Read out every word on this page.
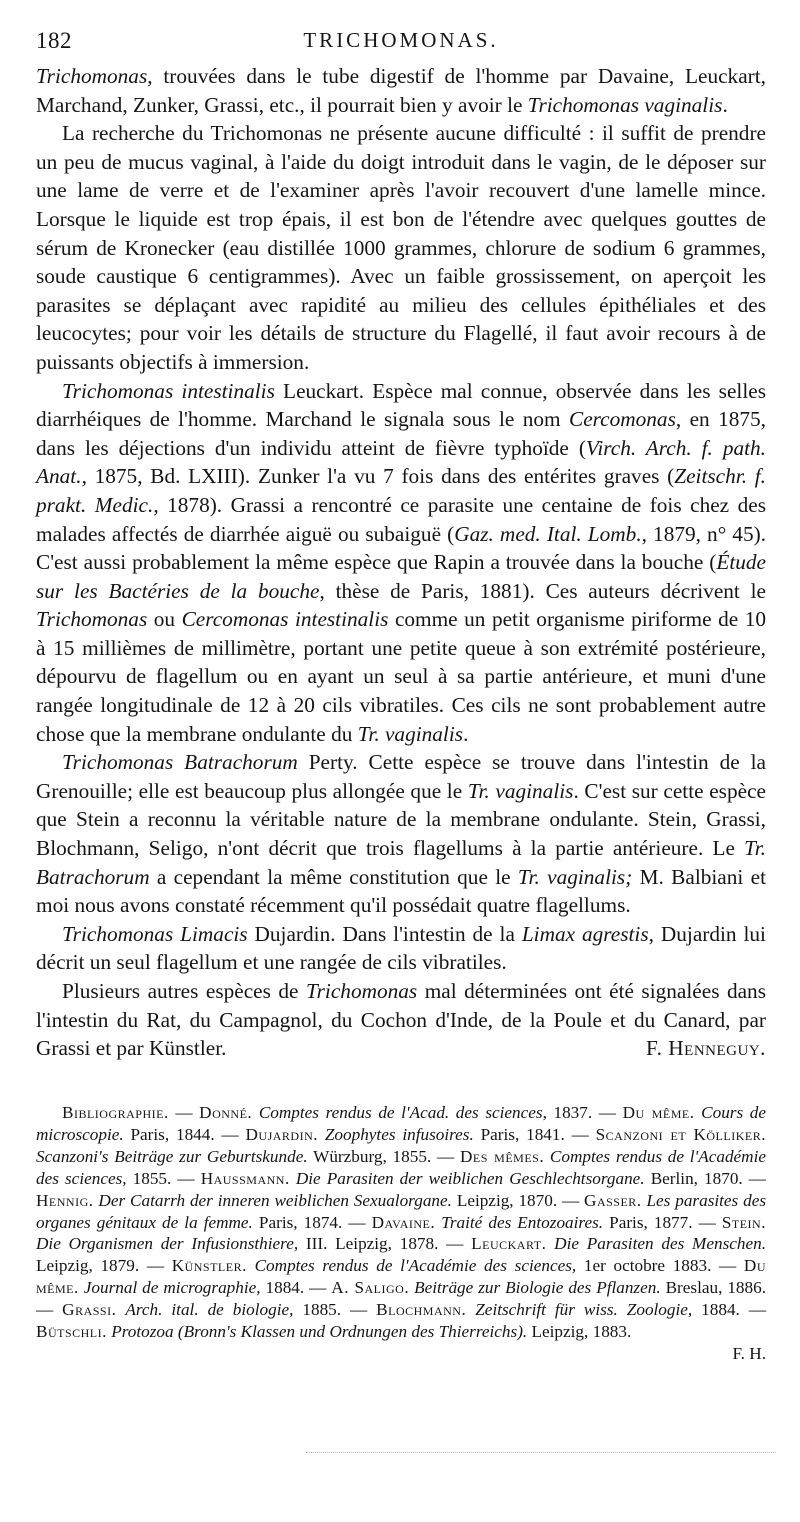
TRICHOMONAS.
182

Trichomonas, trouvées dans le tube digestif de l'homme par Davaine, Leuckart, Marchand, Zunker, Grassi, etc., il pourrait bien y avoir le Trichomonas vaginalis.

La recherche du Trichomonas ne présente aucune difficulté : il suffit de prendre un peu de mucus vaginal, à l'aide du doigt introduit dans le vagin, de le déposer sur une lame de verre et de l'examiner après l'avoir recouvert d'une lamelle mince. Lorsque le liquide est trop épais, il est bon de l'étendre avec quelques gouttes de sérum de Kronecker (eau distillée 1000 grammes, chlorure de sodium 6 grammes, soude caustique 6 centigrammes). Avec un faible grossissement, on aperçoit les parasites se déplaçant avec rapidité au milieu des cellules épithéliales et des leucocytes; pour voir les détails de structure du Flagellé, il faut avoir recours à de puissants objectifs à immersion.

Trichomonas intestinalis Leuckart. Espèce mal connue, observée dans les selles diarrhéiques de l'homme. Marchand le signala sous le nom Cercomonas, en 1875, dans les déjections d'un individu atteint de fièvre typhoïde (Virch. Arch. f. path. Anat., 1875, Bd. LXIII). Zunker l'a vu 7 fois dans des entérites graves (Zeitschr. f. prakt. Medic., 1878). Grassi a rencontré ce parasite une centaine de fois chez des malades affectés de diarrhée aiguë ou subaiguë (Gaz. med. Ital. Lomb., 1879, n° 45). C'est aussi probablement la même espèce que Rapin a trouvée dans la bouche (Étude sur les Bactéries de la bouche, thèse de Paris, 1881). Ces auteurs décrivent le Trichomonas ou Cercomonas intestinalis comme un petit organisme piriforme de 10 à 15 millièmes de millimètre, portant une petite queue à son extrémité postérieure, dépourvu de flagellum ou en ayant un seul à sa partie antérieure, et muni d'une rangée longitudinale de 12 à 20 cils vibratiles. Ces cils ne sont probablement autre chose que la membrane ondulante du Tr. vaginalis.

Trichomonas Batrachorum Perty. Cette espèce se trouve dans l'intestin de la Grenouille; elle est beaucoup plus allongée que le Tr. vaginalis. C'est sur cette espèce que Stein a reconnu la véritable nature de la membrane ondulante. Stein, Grassi, Blochmann, Seligo, n'ont décrit que trois flagellums à la partie antérieure. Le Tr. Batrachorum a cependant la même constitution que le Tr. vaginalis; M. Balbiani et moi nous avons constaté récemment qu'il possédait quatre flagellums.

Trichomonas Limacis Dujardin. Dans l'intestin de la Limax agrestis, Dujardin lui décrit un seul flagellum et une rangée de cils vibratiles.

Plusieurs autres espèces de Trichomonas mal déterminées ont été signalées dans l'intestin du Rat, du Campagnol, du Cochon d'Inde, de la Poule et du Canard, par Grassi et par Künstler.	F. Henneguy.

Bibliographie. — Donné. Comptes rendus de l'Acad. des sciences, 1837. — Du même. Cours de microscopie. Paris, 1844. — Dujardin. Zoophytes infusoires. Paris, 1841. — Scanzoni et Kölliker. Scanzoni's Beiträge zur Geburtskunde. Würzburg, 1855. — Des mêmes. Comptes rendus de l'Académie des sciences, 1855. — Haussmann. Die Parasiten der weiblichen Geschlechtsorgane. Berlin, 1870. — Hennig. Der Catarrh der inneren weiblichen Sexualorgane. Leipzig, 1870. — Gasser. Les parasites des organes génitaux de la femme. Paris, 1874. — Davaine. Traité des Entozoaires. Paris, 1877. — Stein. Die Organismen der Infusionsthiere, III. Leipzig, 1878. — Leuckart. Die Parasiten des Menschen. Leipzig, 1879. — Künstler. Comptes rendus de l'Académie des sciences, 1er octobre 1883. — Du même. Journal de micrographie, 1884. — A. Saligo. Beiträge zur Biologie des Pflanzen. Breslau, 1886. — Grassi. Arch. ital. de biologie, 1885. — Blochmann. Zeitschrift für wiss. Zoologie, 1884. — Bütschli. Protozoa (Bronn's Klassen und Ordnungen des Thierreichs). Leipzig, 1883.

F. H.
